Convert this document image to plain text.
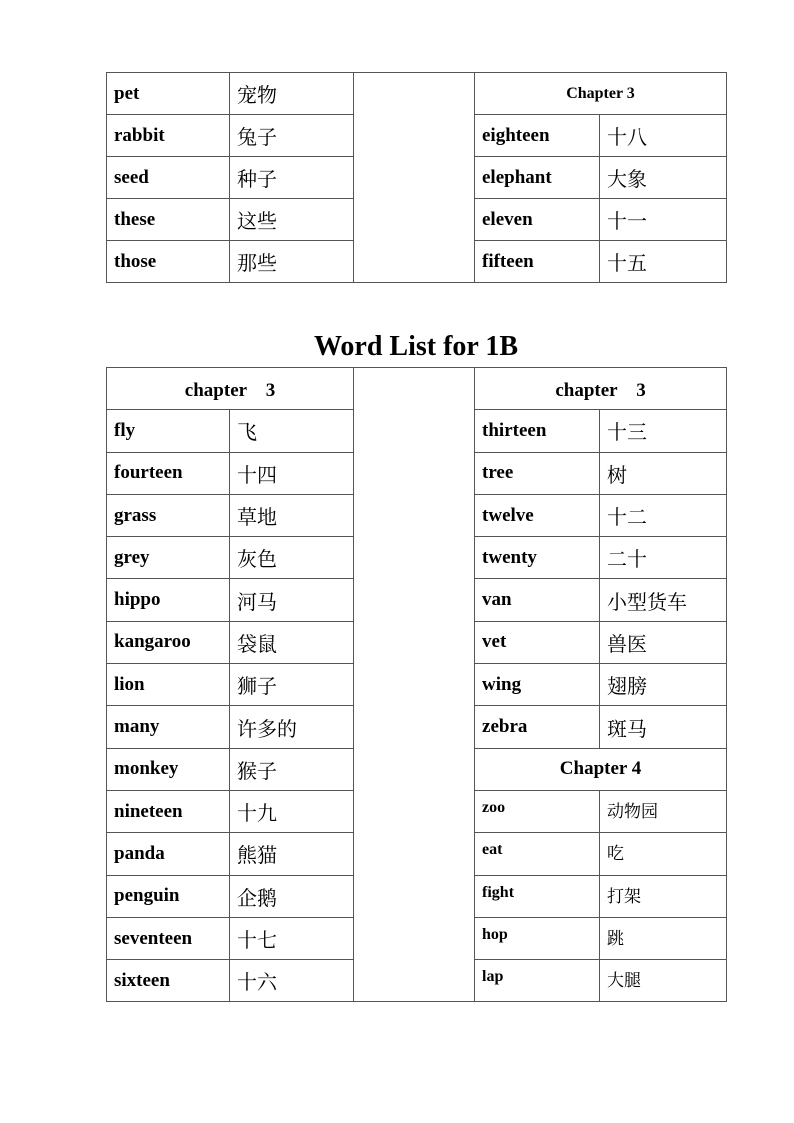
pet	宠物		Chapter 3	
rabbit	兔子		eighteen	十八
seed	种子		elephant	大象
these	这些		eleven	十一
those	那些		fifteen	十五
Word List for 1B
chapter　3			chapter　3	
fly	飞		thirteen	十三
fourteen	十四		tree	树
grass	草地		twelve	十二
grey	灰色		twenty	二十
hippo	河马		van	小型货车
kangaroo	袋鼠		vet	兽医
lion	狮子		wing	翅膀
many	许多的		zebra	斑马
monkey	猴子		Chapter 4	
nineteen	十九		zoo	动物园
panda	熊猫		eat	吃
penguin	企鹅		fight	打架
seventeen	十七		hop	跳
sixteen	十六		lap	大腿
